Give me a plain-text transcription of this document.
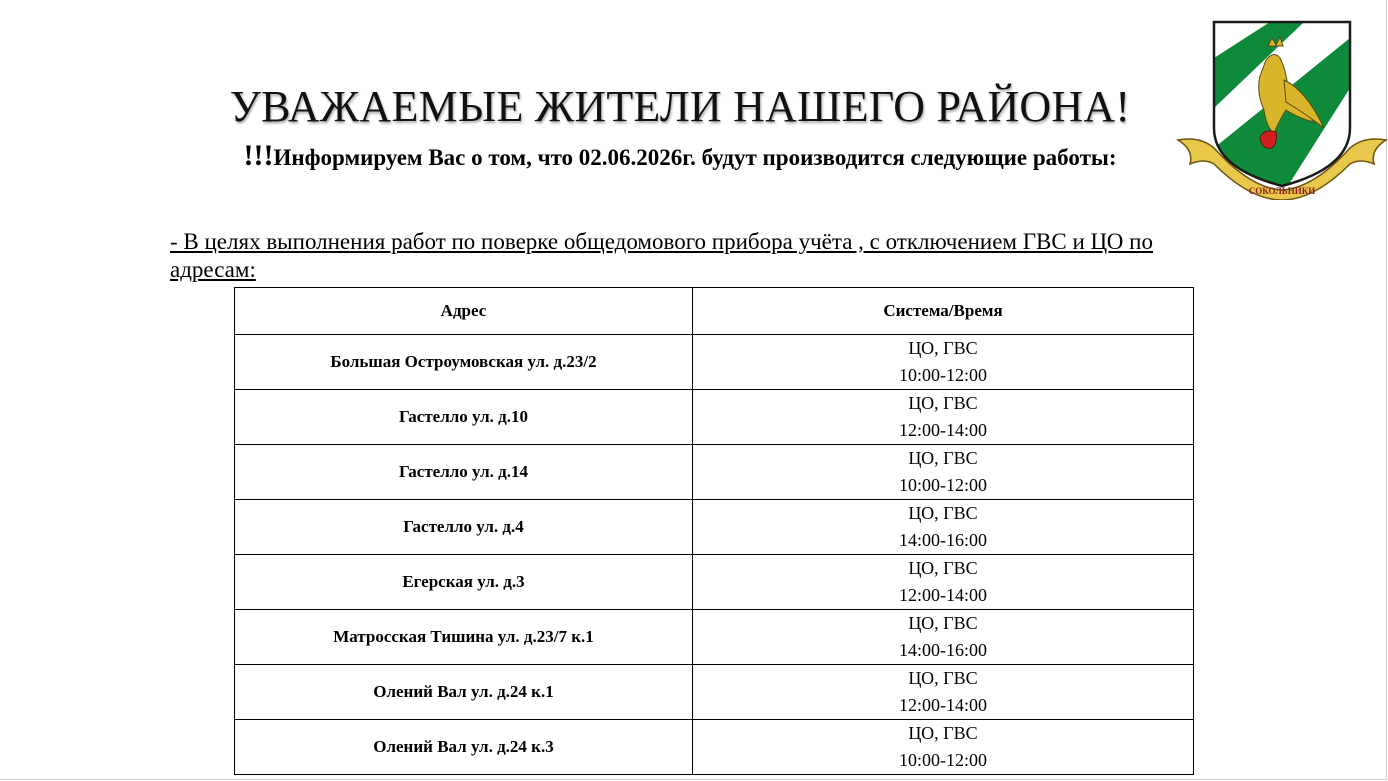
СОКОЛЬНИКИ
УВАЖАЕМЫЕ ЖИТЕЛИ НАШЕГО РАЙОНА!
!!!Информируем Вас о том, что 02.06.2026г. будут производится следующие работы:
- В целях выполнения работ по поверке общедомового прибора учёта , с отключением ГВС и ЦО по адресам:
Адрес	Система/Время
Большая Остроумовская ул. д.23/2	ЦО, ГВС
10:00-12:00

Гастелло ул. д.10	ЦО, ГВС
12:00-14:00

Гастелло ул. д.14	ЦО, ГВС
10:00-12:00

Гастелло ул. д.4	ЦО, ГВС
14:00-16:00

Егерская ул. д.3	ЦО, ГВС
12:00-14:00

Матросская Тишина ул. д.23/7 к.1	ЦО, ГВС
14:00-16:00

Олений Вал ул. д.24 к.1	ЦО, ГВС
12:00-14:00

Олений Вал ул. д.24 к.3	ЦО, ГВС
10:00-12:00
